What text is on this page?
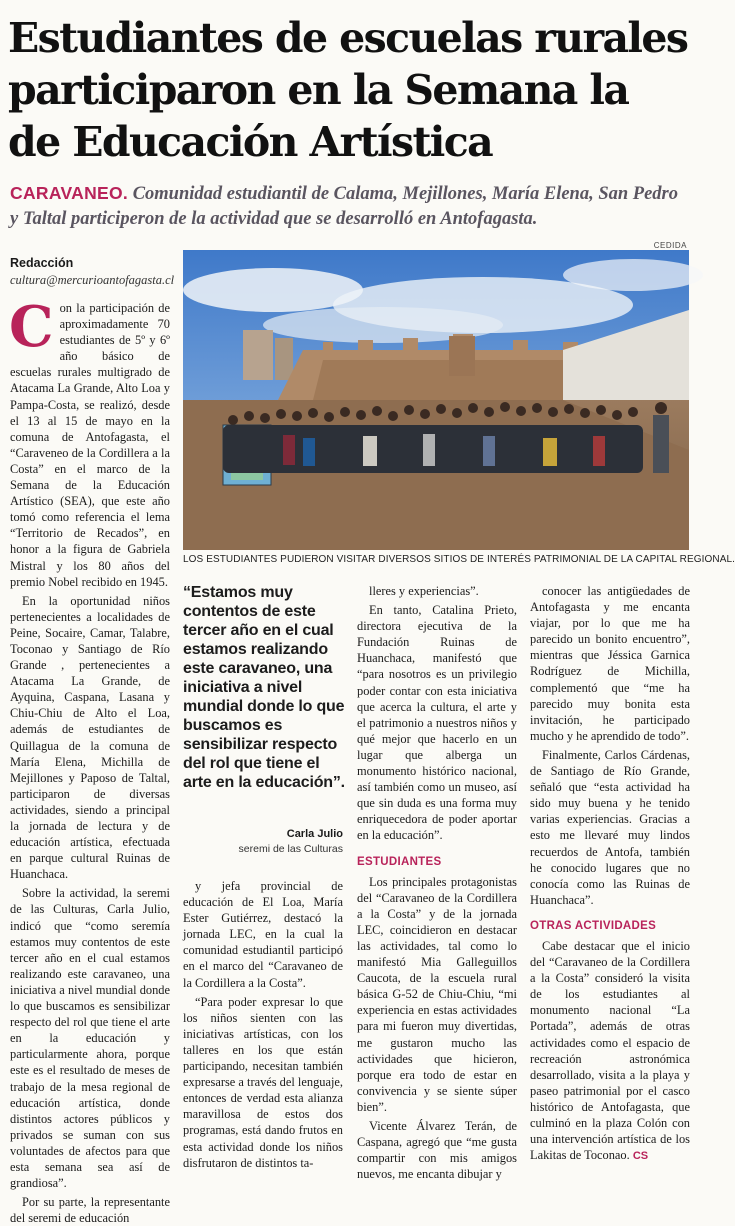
Estudiantes de escuelas rurales
participaron en la Semana la
de Educación Artística
CARAVANEO. Comunidad estudiantil de Calama, Mejillones, María Elena, San Pedro y Taltal participeron de la actividad que se desarrolló en Antofagasta.
Redacción
cultura@mercurioantofagasta.cl
CEDIDA
LOS ESTUDIANTES PUDIERON VISITAR DIVERSOS SITIOS DE INTERÉS PATRIMONIAL DE LA CAPITAL REGIONAL.

Con la participación de aproximadamente 70 estudiantes de 5º y 6º año básico de escuelas rurales multigrado de Atacama La Grande, Alto Loa y Pampa-Costa, se realizó, desde el 13 al 15 de mayo en la comuna de Antofagasta, el “Caraveneo de la Cordillera a la Costa” en el marco de la Semana de la Educación Artístico (SEA), que este año tomó como referencia el lema “Territorio de Recados”, en honor a la figura de Gabriela Mistral y los 80 años del premio Nobel recibido en 1945.

En la oportunidad niños pertenecientes a localidades de Peine, Socaire, Camar, Talabre, Toconao y Santiago de Río Grande , pertenecientes a Atacama La Grande, de Ayquina, Caspana, Lasana y Chiu-Chiu de Alto el Loa, además de estudiantes de Quillagua de la comuna de María Elena, Michilla de Mejillones y Paposo de Taltal, participaron de diversas actividades, siendo a principal la jornada de lectura y de educación artística, efectuada en parque cultural Ruinas de Huanchaca.

Sobre la actividad, la seremi de las Culturas, Carla Julio, indicó que “como seremía estamos muy contentos de este tercer año en el cual estamos realizando este caravaneo, una iniciativa a nivel mundial donde lo que buscamos es sensibilizar respecto del rol que tiene el arte en la educación y particularmente ahora, porque este es el resultado de meses de trabajo de la mesa regional de educación artística, donde distintos actores públicos y privados se suman con sus voluntades de afectos para que esta semana sea así de grandiosa”.

Por su parte, la representante del seremi de educación

“Estamos muy contentos de este tercer año en el cual estamos realizando este caravaneo, una iniciativa a nivel mundial donde lo que buscamos es sensibilizar respecto del rol que tiene el arte en la educación”.
Carla Julio
seremi de las Culturas

y jefa provincial de educación de El Loa, María Ester Gutiérrez, destacó la jornada LEC, en la cual la comunidad estudiantil participó en el marco del “Caravaneo de la Cordillera a la Costa”.

“Para poder expresar lo que los niños sienten con las iniciativas artísticas, con los talleres en los que están participando, necesitan también expresarse a través del lenguaje, entonces de verdad esta alianza maravillosa de estos dos programas, está dando frutos en esta actividad donde los niños disfrutaron de distintos ta-

lleres y experiencias”.

En tanto, Catalina Prieto, directora ejecutiva de la Fundación Ruinas de Huanchaca, manifestó que “para nosotros es un privilegio poder contar con esta iniciativa que acerca la cultura, el arte y el patrimonio a nuestros niños y qué mejor que hacerlo en un lugar que alberga un monumento histórico nacional, así también como un museo, así que sin duda es una forma muy enriquecedora de poder aportar en la educación”.

ESTUDIANTES

Los principales protagonistas del “Caravaneo de la Cordillera a la Costa” y de la jornada LEC, coincidieron en destacar las actividades, tal como lo manifestó Mia Galleguillos Caucota, de la escuela rural básica G-52 de Chiu-Chiu, “mi experiencia en estas actividades para mi fueron muy divertidas, me gustaron mucho las actividades que hicieron, porque era todo de estar en convivencia y se siente súper bien”.

Vicente Álvarez Terán, de Caspana, agregó que “me gusta compartir con mis amigos nuevos, me encanta dibujar y

conocer las antigüedades de Antofagasta y me encanta viajar, por lo que me ha parecido un bonito encuentro”, mientras que Jéssica Garnica Rodríguez de Michilla, complementó que “me ha parecido muy bonita esta invitación, he participado mucho y he aprendido de todo”.

Finalmente, Carlos Cárdenas, de Santiago de Río Grande, señaló que “esta actividad ha sido muy buena y he tenido varias experiencias. Gracias a esto me llevaré muy lindos recuerdos de Antofa, también he conocido lugares que no conocía como las Ruinas de Huanchaca”.

OTRAS ACTIVIDADES

Cabe destacar que el inicio del “Caravaneo de la Cordillera a la Costa” consideró la visita de los estudiantes al monumento nacional “La Portada”, además de otras actividades como el espacio de recreación astronómica desarrollado, visita a la playa y paseo patrimonial por el casco histórico de Antofagasta, que culminó en la plaza Colón con una intervención artística de los Lakitas de Toconao. CS
